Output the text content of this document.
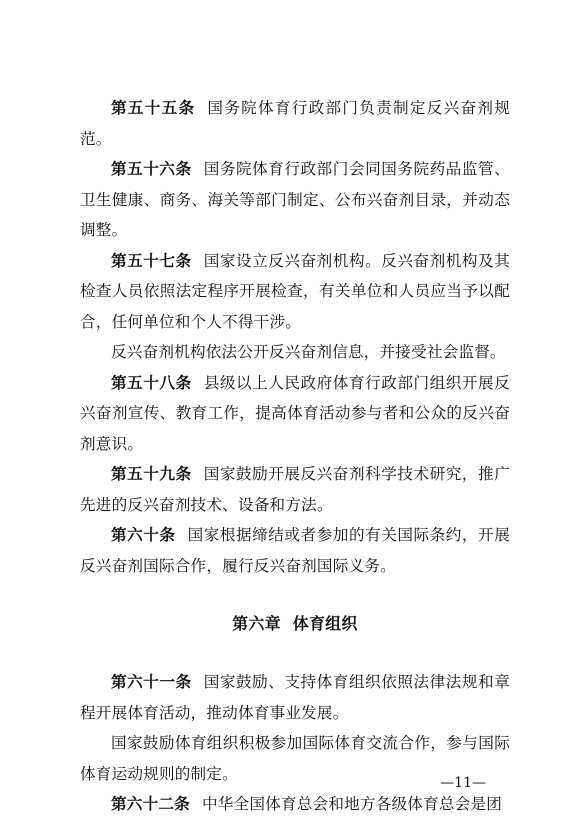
第五十五条 国务院体育行政部门负责制定反兴奋剂规范。

第五十六条 国务院体育行政部门会同国务院药品监管、卫生健康、商务、海关等部门制定、公布兴奋剂目录，并动态调整。

第五十七条 国家设立反兴奋剂机构。反兴奋剂机构及其检查人员依照法定程序开展检查，有关单位和人员应当予以配合，任何单位和个人不得干涉。

反兴奋剂机构依法公开反兴奋剂信息，并接受社会监督。

第五十八条 县级以上人民政府体育行政部门组织开展反兴奋剂宣传、教育工作，提高体育活动参与者和公众的反兴奋剂意识。

第五十九条 国家鼓励开展反兴奋剂科学技术研究，推广先进的反兴奋剂技术、设备和方法。

第六十条 国家根据缔结或者参加的有关国际条约，开展反兴奋剂国际合作，履行反兴奋剂国际义务。

第六章 体育组织

第六十一条 国家鼓励、支持体育组织依照法律法规和章程开展体育活动，推动体育事业发展。

国家鼓励体育组织积极参加国际体育交流合作，参与国际体育运动规则的制定。

第六十二条 中华全国体育总会和地方各级体育总会是团

—11—
